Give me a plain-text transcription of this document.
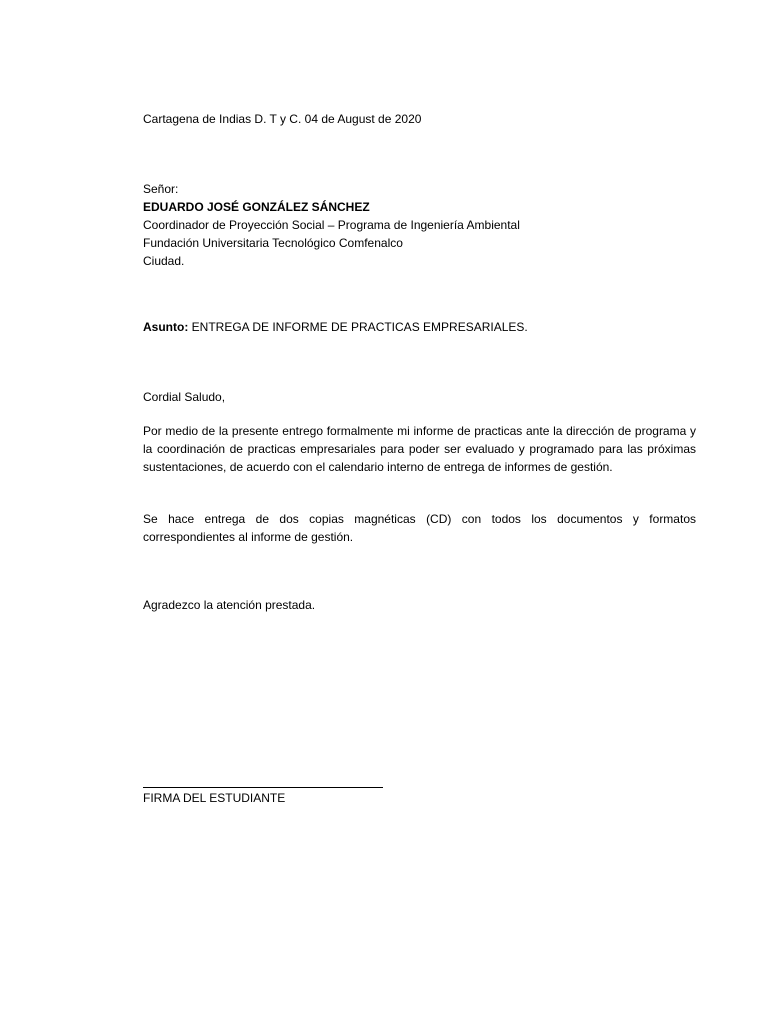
Cartagena de Indias D. T y C. 04 de August de 2020
Señor:
EDUARDO JOSÉ GONZÁLEZ SÁNCHEZ
Coordinador de Proyección Social – Programa de Ingeniería Ambiental
Fundación Universitaria Tecnológico Comfenalco
Ciudad.
Asunto: ENTREGA DE INFORME DE PRACTICAS EMPRESARIALES.
Cordial Saludo,
Por medio de la presente entrego formalmente mi informe de practicas ante la dirección de programa y la coordinación de practicas empresariales para poder ser evaluado y programado para las próximas sustentaciones, de acuerdo con el calendario interno de entrega de informes de gestión.
Se hace entrega de dos copias magnéticas (CD) con todos los documentos y formatos correspondientes al informe de gestión.
Agradezco la atención prestada.
FIRMA DEL ESTUDIANTE
